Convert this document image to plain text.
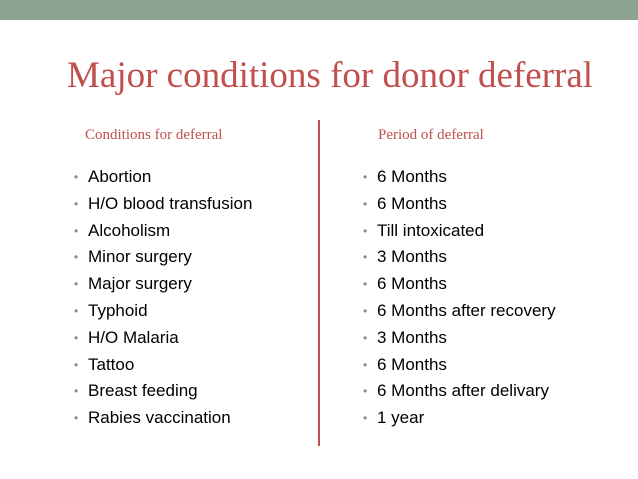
Major conditions for donor deferral
Conditions for deferral	Period of deferral
• Abortion
• H/O blood transfusion
• Alcoholism
• Minor surgery
• Major surgery
• Typhoid
• H/O Malaria
• Tattoo
• Breast feeding
• Rabies vaccination
• 6 Months
• 6 Months
• Till intoxicated
• 3 Months
• 6 Months
• 6 Months after recovery
• 3 Months
• 6 Months
• 6 Months after delivary
• 1 year
